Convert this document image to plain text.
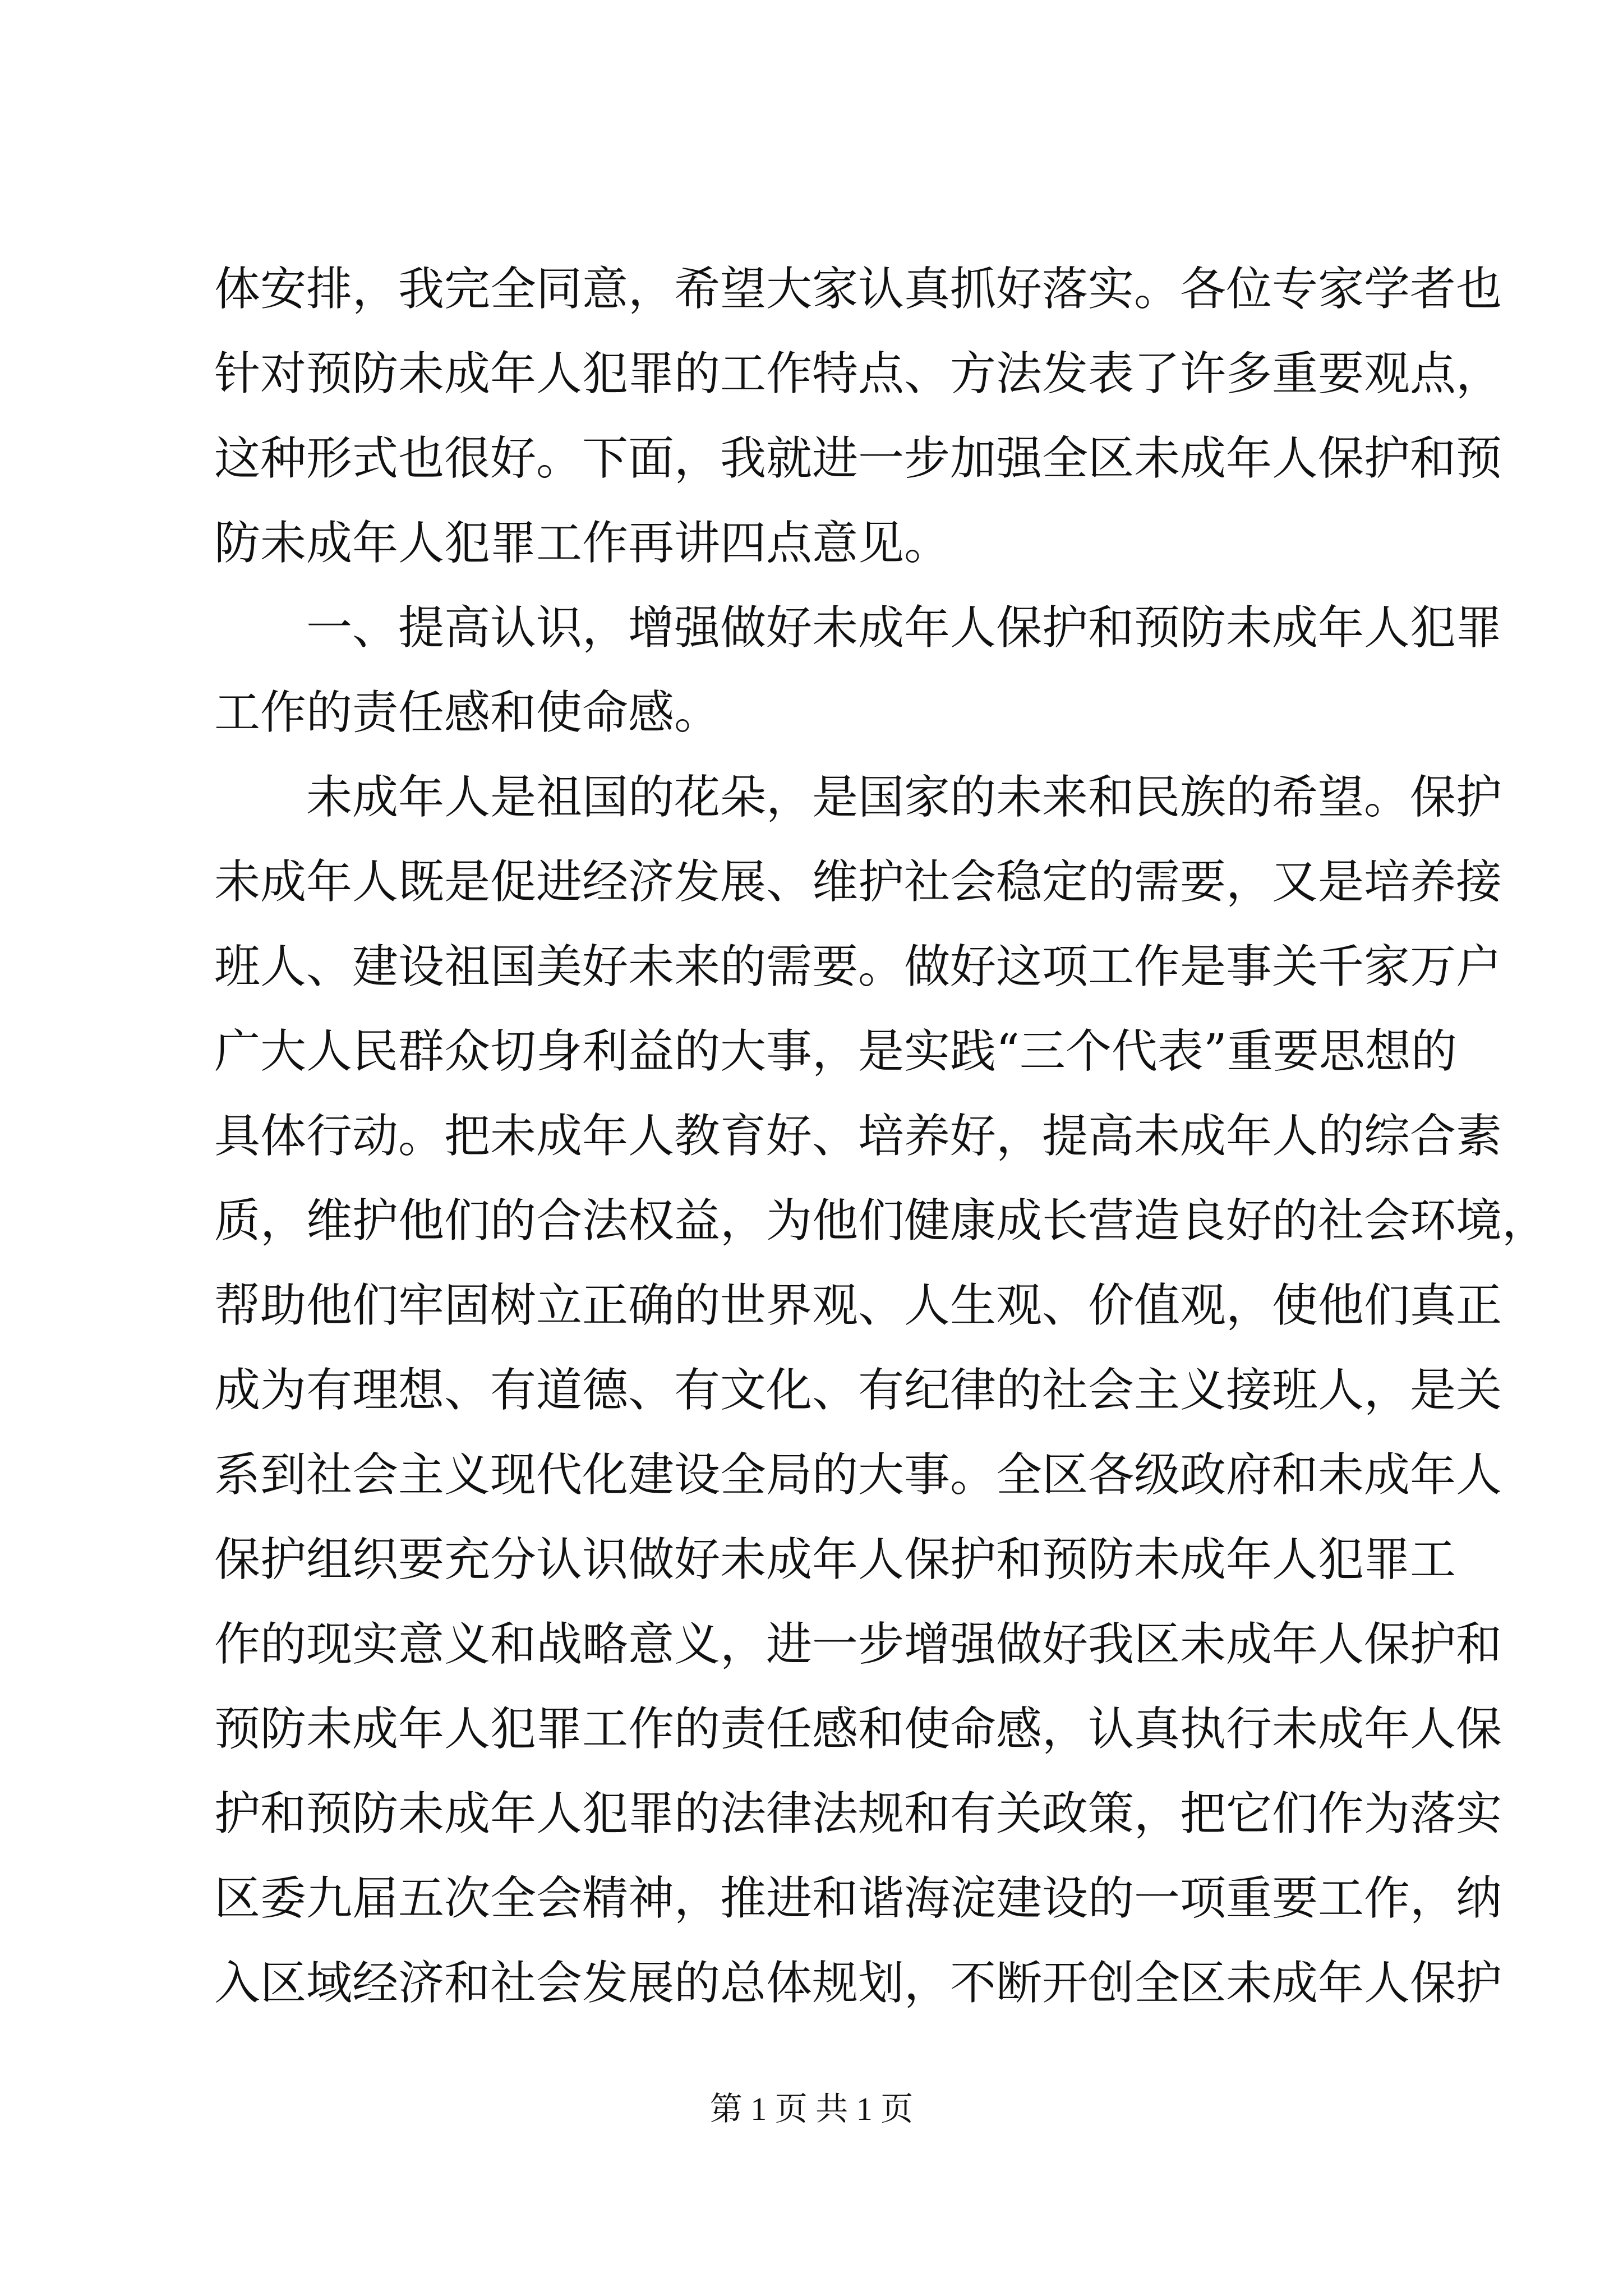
体安排，我完全同意，希望大家认真抓好落实。各位专家学者也
针对预防未成年人犯罪的工作特点、方法发表了许多重要观点，
这种形式也很好。下面，我就进一步加强全区未成年人保护和预
防未成年人犯罪工作再讲四点意见。
一、提高认识，增强做好未成年人保护和预防未成年人犯罪
工作的责任感和使命感。
未成年人是祖国的花朵，是国家的未来和民族的希望。保护
未成年人既是促进经济发展、维护社会稳定的需要，又是培养接
班人、建设祖国美好未来的需要。做好这项工作是事关千家万户
广大人民群众切身利益的大事，是实践“三个代表”重要思想的
具体行动。把未成年人教育好、培养好，提高未成年人的综合素
质，维护他们的合法权益，为他们健康成长营造良好的社会环境，
帮助他们牢固树立正确的世界观、人生观、价值观，使他们真正
成为有理想、有道德、有文化、有纪律的社会主义接班人，是关
系到社会主义现代化建设全局的大事。全区各级政府和未成年人
保护组织要充分认识做好未成年人保护和预防未成年人犯罪工
作的现实意义和战略意义，进一步增强做好我区未成年人保护和
预防未成年人犯罪工作的责任感和使命感，认真执行未成年人保
护和预防未成年人犯罪的法律法规和有关政策，把它们作为落实
区委九届五次全会精神，推进和谐海淀建设的一项重要工作，纳
入区域经济和社会发展的总体规划，不断开创全区未成年人保护
第 1 页 共 1 页
